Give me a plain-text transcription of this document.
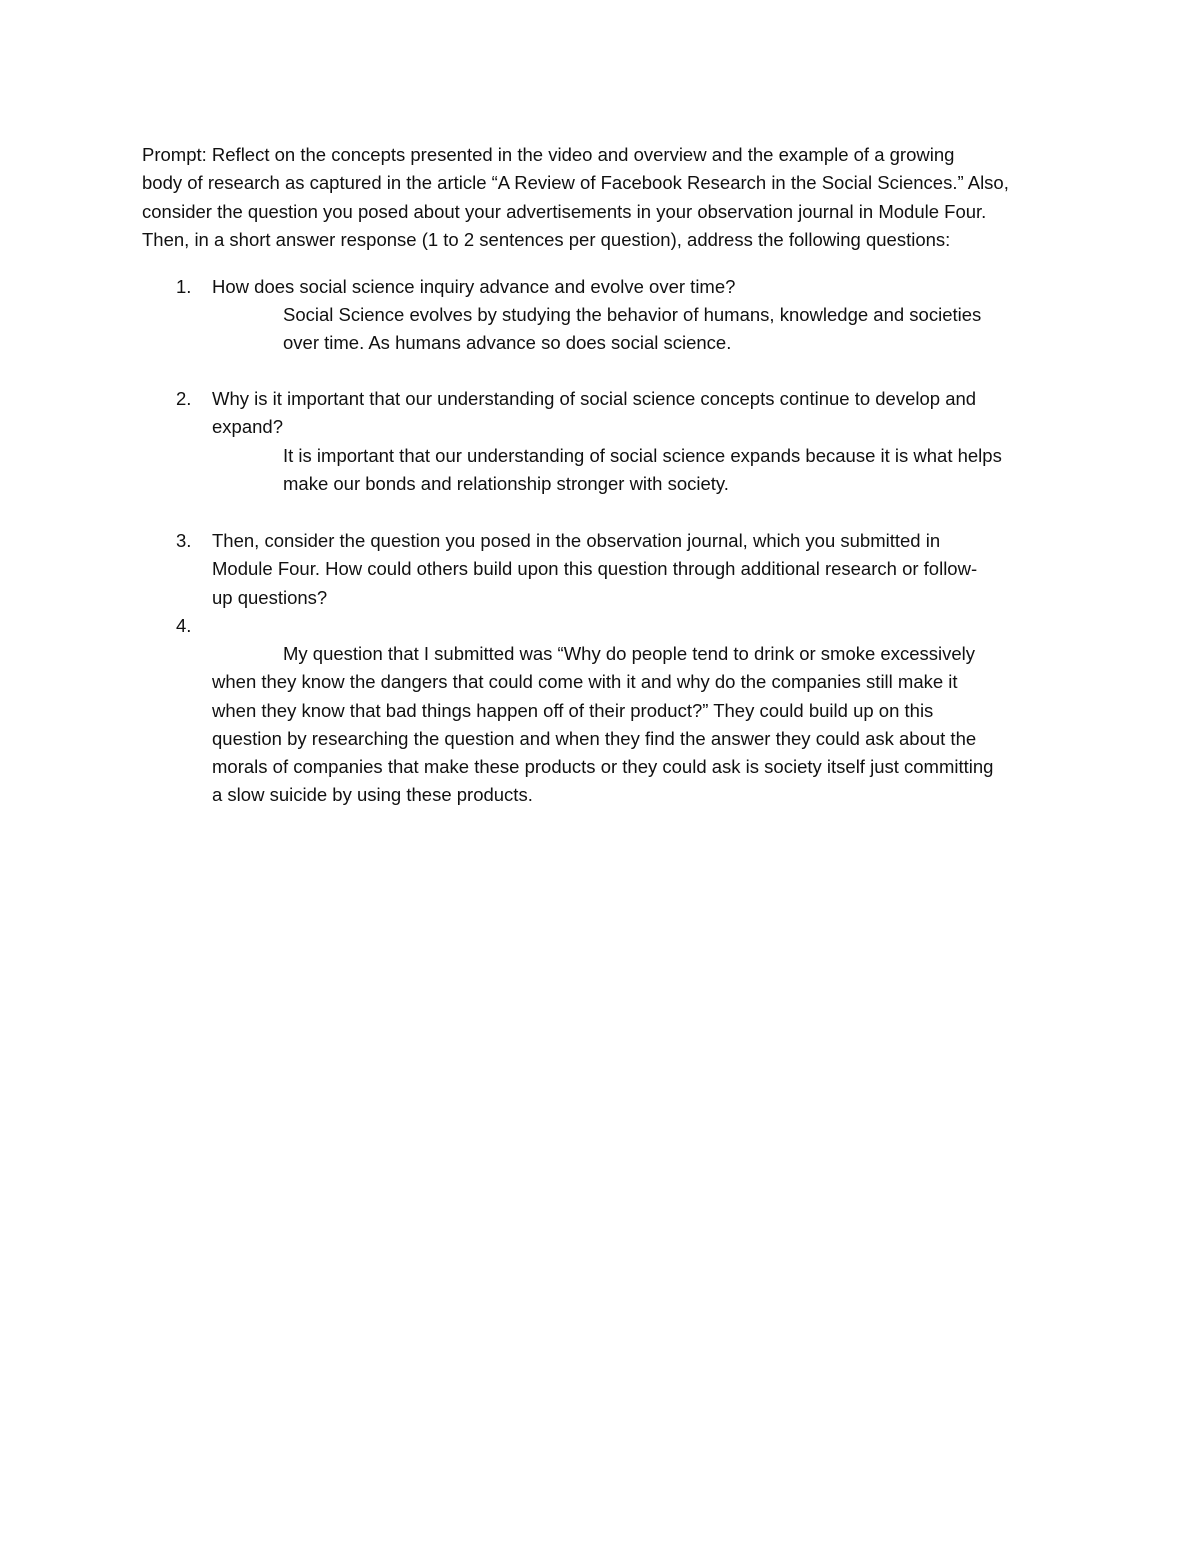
Prompt: Reflect on the concepts presented in the video and overview and the example of a growing
body of research as captured in the article “A Review of Facebook Research in the Social Sciences.” Also,
consider the question you posed about your advertisements in your observation journal in Module Four.
Then, in a short answer response (1 to 2 sentences per question), address the following questions:
1. How does social science inquiry advance and evolve over time?
Social Science evolves by studying the behavior of humans, knowledge and societies
over time. As humans advance so does social science.
2. Why is it important that our understanding of social science concepts continue to develop and
expand?
It is important that our understanding of social science expands because it is what helps
make our bonds and relationship stronger with society.
3. Then, consider the question you posed in the observation journal, which you submitted in
Module Four. How could others build upon this question through additional research or follow-
up questions?
4.
My question that I submitted was “Why do people tend to drink or smoke excessively
when they know the dangers that could come with it and why do the companies still make it
when they know that bad things happen off of their product?” They could build up on this
question by researching the question and when they find the answer they could ask about the
morals of companies that make these products or they could ask is society itself just committing
a slow suicide by using these products.
